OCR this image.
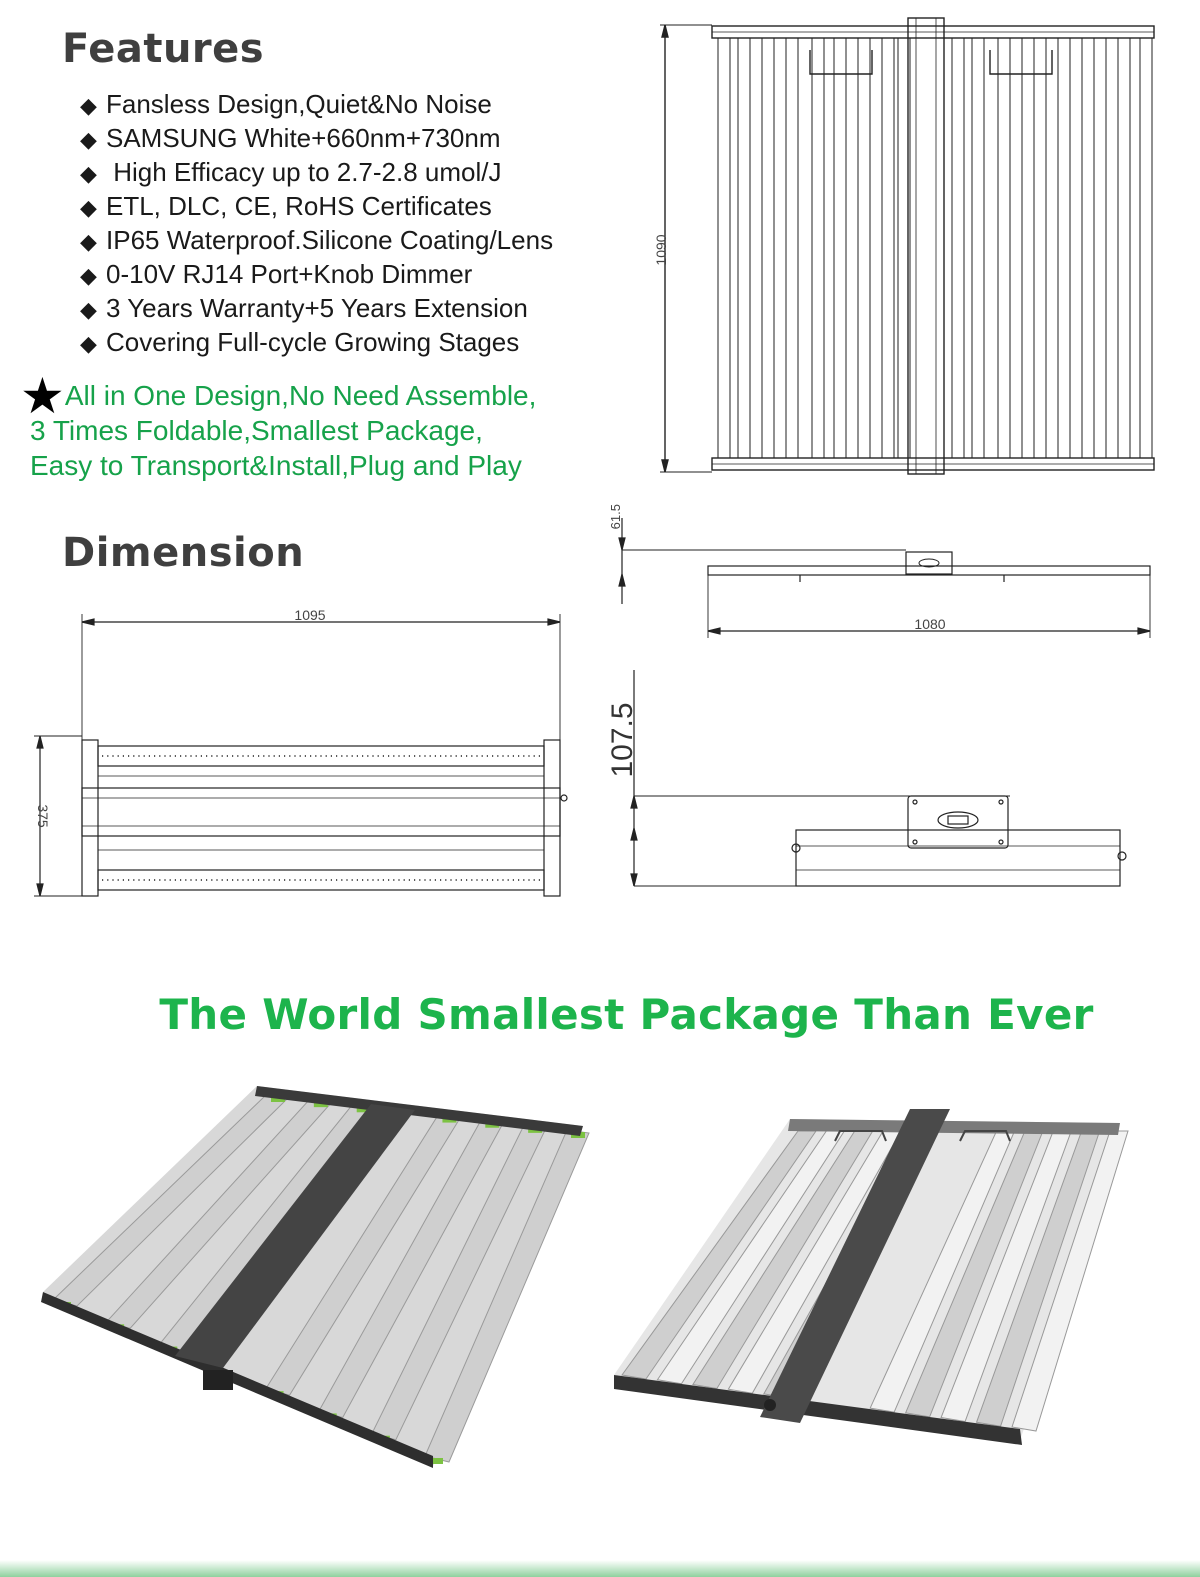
Features
◆ Fansless Design,Quiet&No Noise
◆ SAMSUNG White+660nm+730nm
◆ High Efficacy up to 2.7-2.8 umol/J
◆ ETL, DLC, CE, RoHS Certificates
◆ IP65 Waterproof.Silicone Coating/Lens
◆ 0-10V RJ14 Port+Knob Dimmer
◆ 3 Years Warranty+5 Years Extension
◆ Covering Full-cycle Growing Stages
★All in One Design,No Need Assemble,
3 Times Foldable,Smallest Package,
Easy to Transport&Install,Plug and Play
Dimension
1090
61.5
1080
1095
375
107.5
The World Smallest Package Than Ever
